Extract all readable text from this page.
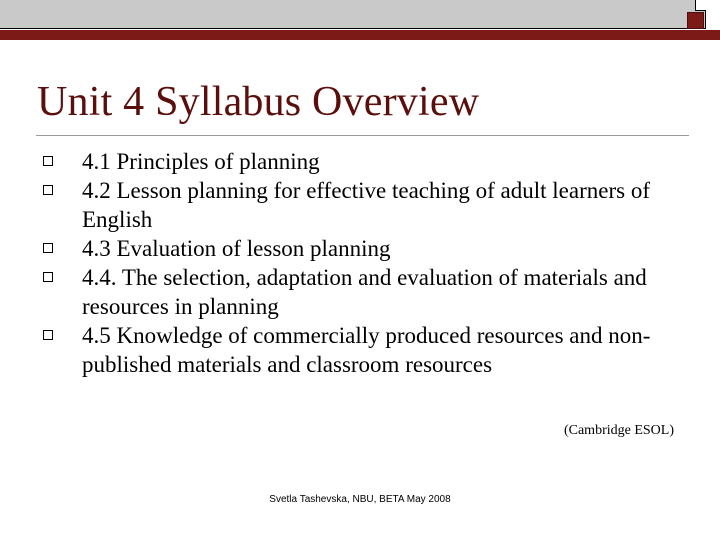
Unit 4 Syllabus Overview
4.1 Principles of planning
4.2 Lesson planning for effective teaching of adult learners of English
4.3 Evaluation of lesson planning
4.4. The selection, adaptation and evaluation of materials and resources in planning
4.5 Knowledge of commercially produced resources and non-published materials and classroom resources
(Cambridge ESOL)
Svetla Tashevska, NBU, BETA May 2008
